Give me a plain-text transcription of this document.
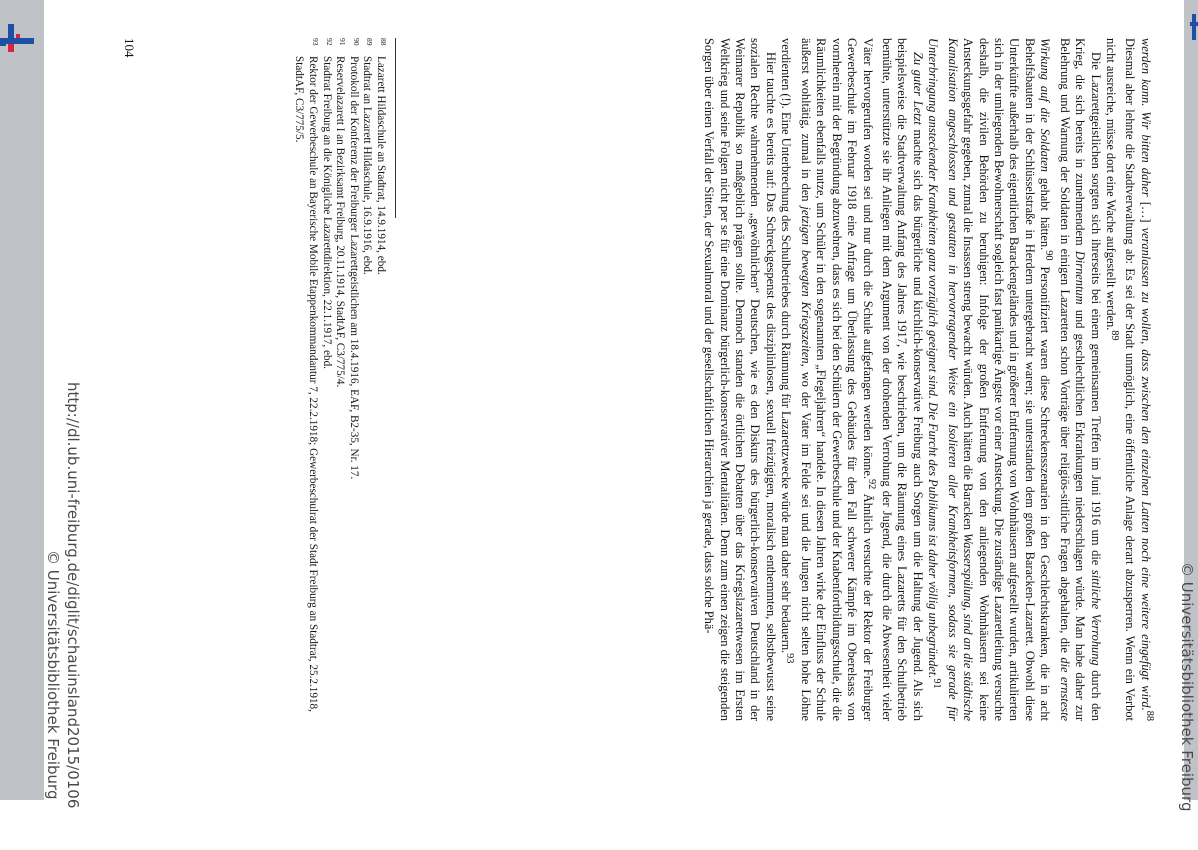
werden kann. Wir bitten daher […] veranlassen zu wollen, dass zwischen den einzelnen Latten noch eine weitere eingefügt wird.$^{88}$ Diesmal aber lehnte die Stadtverwaltung ab: Es sei der Stadt unmöglich, eine öffentliche Anlage derart abzusperren. Wenn ein Verbot nicht ausreiche, müsse dort eine Wache aufgestellt werden.$^{89}$

Die Lazarettgeistlichen sorgten sich ihrerseits bei einem gemeinsamen Treffen im Juni 1916 um die sittliche Verrohung durch den Krieg, die sich bereits in zunehmendem Dirnentum und geschlechtlichen Erkrankungen niederschlagen würde. Man habe daher zur Belehrung und Warnung der Soldaten in einigen Lazaretten schon Vorträge über religiös-sittliche Fragen abgehalten, die die ernsteste Wirkung auf die Soldaten gehabt hätten.$^{90}$ Personifiziert waren diese Schreckensszenarien in den Geschlechtskranken, die in acht Behelfsbauten in der Schlüsselstraße in Herdern untergebracht waren; sie unterstanden dem großen Baracken-Lazarett. Obwohl diese Unterkünfte außerhalb des eigentlichen Barackengeländes und in größerer Entfernung von Wohnhäusern aufgestellt wurden, artikulierten sich in der umliegenden Bewohnerschaft sogleich fast panikartige Ängste vor einer Ansteckung. Die zuständige Lazarettleitung versuchte deshalb, die zivilen Behörden zu beruhigen: Infolge der großen Entfernung von den anliegenden Wohnhäusern sei keine Ansteckungsgefahr gegeben, zumal die Insassen streng bewacht würden. Auch hätten die Baracken Wasserspülung, sind an die städtische Kanalisation angeschlossen und gestatten in hervorragender Weise ein Isolieren aller Krankheitsformen, sodass sie gerade für Unterbringung ansteckender Krankheiten ganz vorzüglich geeignet sind. Die Furcht des Publikums ist daher völlig unbegründet.$^{91}$

Zu guter Letzt machte sich das bürgerliche und kirchlich-konservative Freiburg auch Sorgen um die Haltung der Jugend. Als sich beispielsweise die Stadtverwaltung Anfang des Jahres 1917, wie beschrieben, um die Räumung eines Lazaretts für den Schulbetrieb bemühte, unterstützte sie ihr Anliegen mit dem Argument von der drohenden Verrohung der Jugend, die durch die Abwesenheit vieler Väter hervorgerufen worden sei und nur durch die Schule aufgefangen werden könne.$^{92}$ Ähnlich versuchte der Rektor der Freiburger Gewerbeschule im Februar 1918 eine Anfrage um Überlassung des Gebäudes für den Fall schwerer Kämpfe im Oberelsass von vornherein mit der Begründung abzuwehren, dass es sich bei den Schülern der Gewerbeschule und der Knabenfortbildungsschule, die die Räumlichkeiten ebenfalls nutze, um Schüler in den sogenannten „Flegeljahren“ handele. In diesen Jahren wirke der Einfluss der Schule äußerst wohltätig, zumal in den jetzigen bewegten Kriegszeiten, wo der Vater im Felde sei und die Jungen nicht selten hohe Löhne verdienten (!). Eine Unterbrechung des Schulbetriebes durch Räumung für Lazarettzwecke würde man daher sehr bedauern.$^{93}$

Hier tauchte es bereits auf: Das Schreckgespenst des disziplinlosen, sexuell freizügigen, moralisch enthemmten, selbstbewusst seine sozialen Rechte wahrnehmenden „gewöhnlichen“ Deutschen, wie es den Diskurs des bürgerlich-konservativen Deutschland in der Weimarer Republik so maßgeblich prägen sollte. Dennoch standen die örtlichen Debatten über das Kriegslazarettwesen im Ersten Weltkrieg und seine Folgen nicht per se für eine Dominanz bürgerlich-konservativer Mentalitäten. Denn zum einen zeigen die steigenden Sorgen über einen Verfall der Sitten, der Sexualmoral und der gesellschaftlichen Hierarchien ja gerade, dass solche Phä-

88
Lazarett Hildaschule an Stadtrat, 14.9.1914, ebd.
89
Stadtrat an Lazarett Hildaschule, 16.9.1916, ebd.
90
Protokoll der Konferenz der Freiburger Lazarettgeistlichen am 18.4.1916, EAF, B2-35, Nr. 17.
91
Reservelazarett I an Bezirksamt Freiburg, 20.11.1914, StadtAF, C3/775/4.
92
Stadtrat Freiburg an die Königliche Lazarettdirektion, 22.1.1917, ebd.
93
Rektor der Gewerbeschule an Bayerische Mobile Etappenkommandantur 7, 22.2.1918; Gewerbeschulrat der Stadt Freiburg an Stadtrat, 25.2.1918, StadtAF, C3/775/5.
104
© Universitätsbibliothek Freiburg
http://dl.ub.uni-freiburg.de/diglit/schauinsland2015/0106
© Universitätsbibliothek Freiburg
